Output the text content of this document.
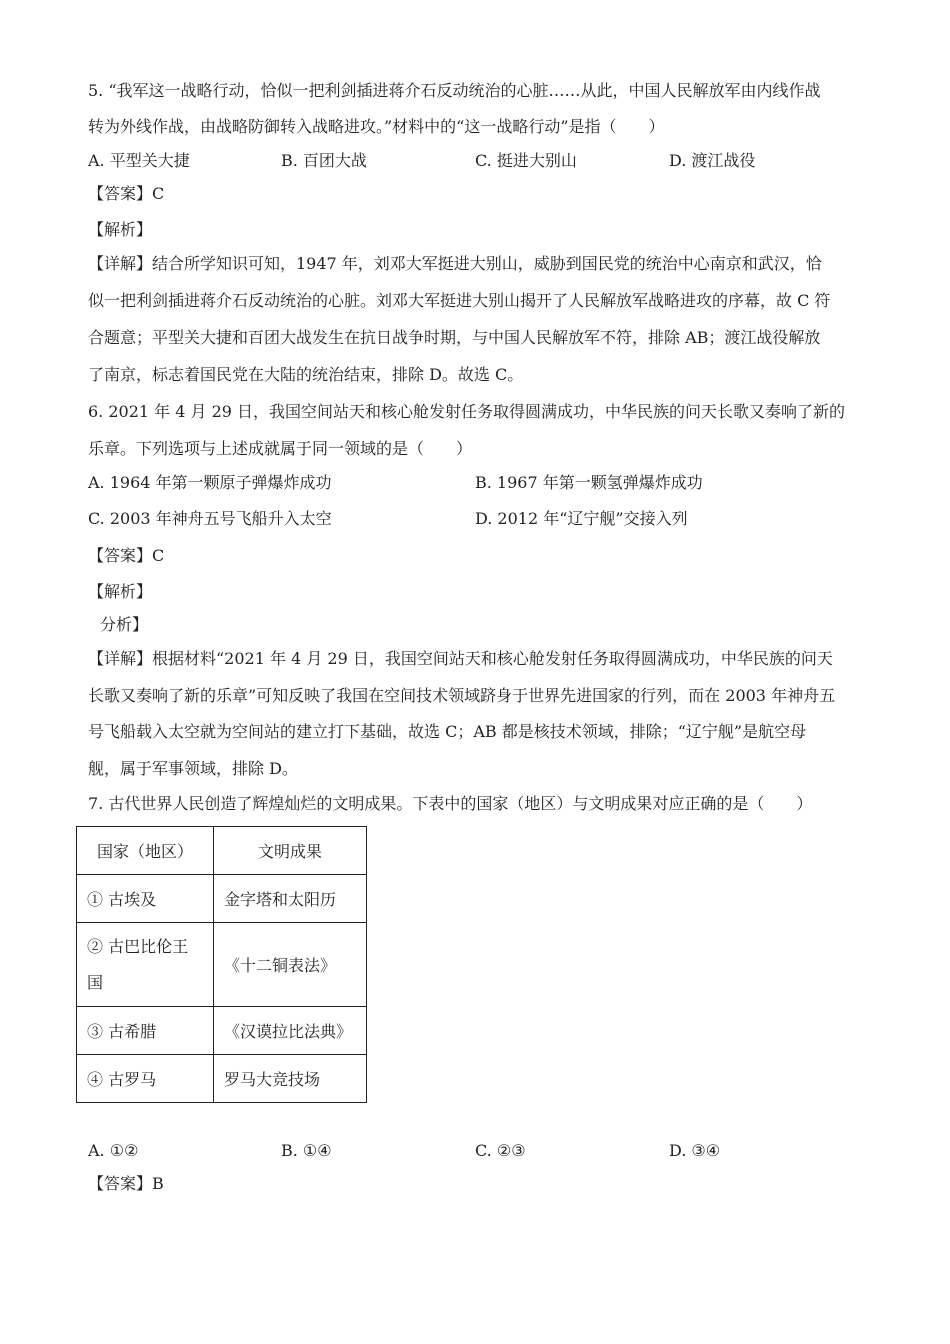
5. “我军这一战略行动，恰似一把利剑插进蒋介石反动统治的心脏……从此，中国人民解放军由内线作战
转为外线作战，由战略防御转入战略进攻。”材料中的“这一战略行动”是指（　　）
A. 平型关大捷	B. 百团大战	C. 挺进大别山	D. 渡江战役
【答案】C
【解析】
【详解】结合所学知识可知，1947 年，刘邓大军挺进大别山，威胁到国民党的统治中心南京和武汉，恰
似一把利剑插进蒋介石反动统治的心脏。刘邓大军挺进大别山揭开了人民解放军战略进攻的序幕，故 C 符
合题意；平型关大捷和百团大战发生在抗日战争时期，与中国人民解放军不符，排除 AB；渡江战役解放
了南京，标志着国民党在大陆的统治结束，排除 D。故选 C。
6. 2021 年 4 月 29 日，我国空间站天和核心舱发射任务取得圆满成功，中华民族的问天长歌又奏响了新的
乐章。下列选项与上述成就属于同一领域的是（　　）
A. 1964 年第一颗原子弹爆炸成功	B. 1967 年第一颗氢弹爆炸成功
C. 2003 年神舟五号飞船升入太空	D. 2012 年“辽宁舰”交接入列
【答案】C
【解析】
分析】
【详解】根据材料“2021 年 4 月 29 日，我国空间站天和核心舱发射任务取得圆满成功，中华民族的问天
长歌又奏响了新的乐章”可知反映了我国在空间技术领域跻身于世界先进国家的行列，而在 2003 年神舟五
号飞船载入太空就为空间站的建立打下基础，故选 C；AB 都是核技术领域，排除；“辽宁舰”是航空母
舰，属于军事领域，排除 D。
7. 古代世界人民创造了辉煌灿烂的文明成果。下表中的国家（地区）与文明成果对应正确的是（　　）
国家（地区）	文明成果
① 古埃及	金字塔和太阳历

② 古巴比伦王
国	《十二铜表法》
③ 古希腊	《汉谟拉比法典》
④ 古罗马	罗马大竞技场
A. ①②	B. ①④	C. ②③	D. ③④
【答案】B
